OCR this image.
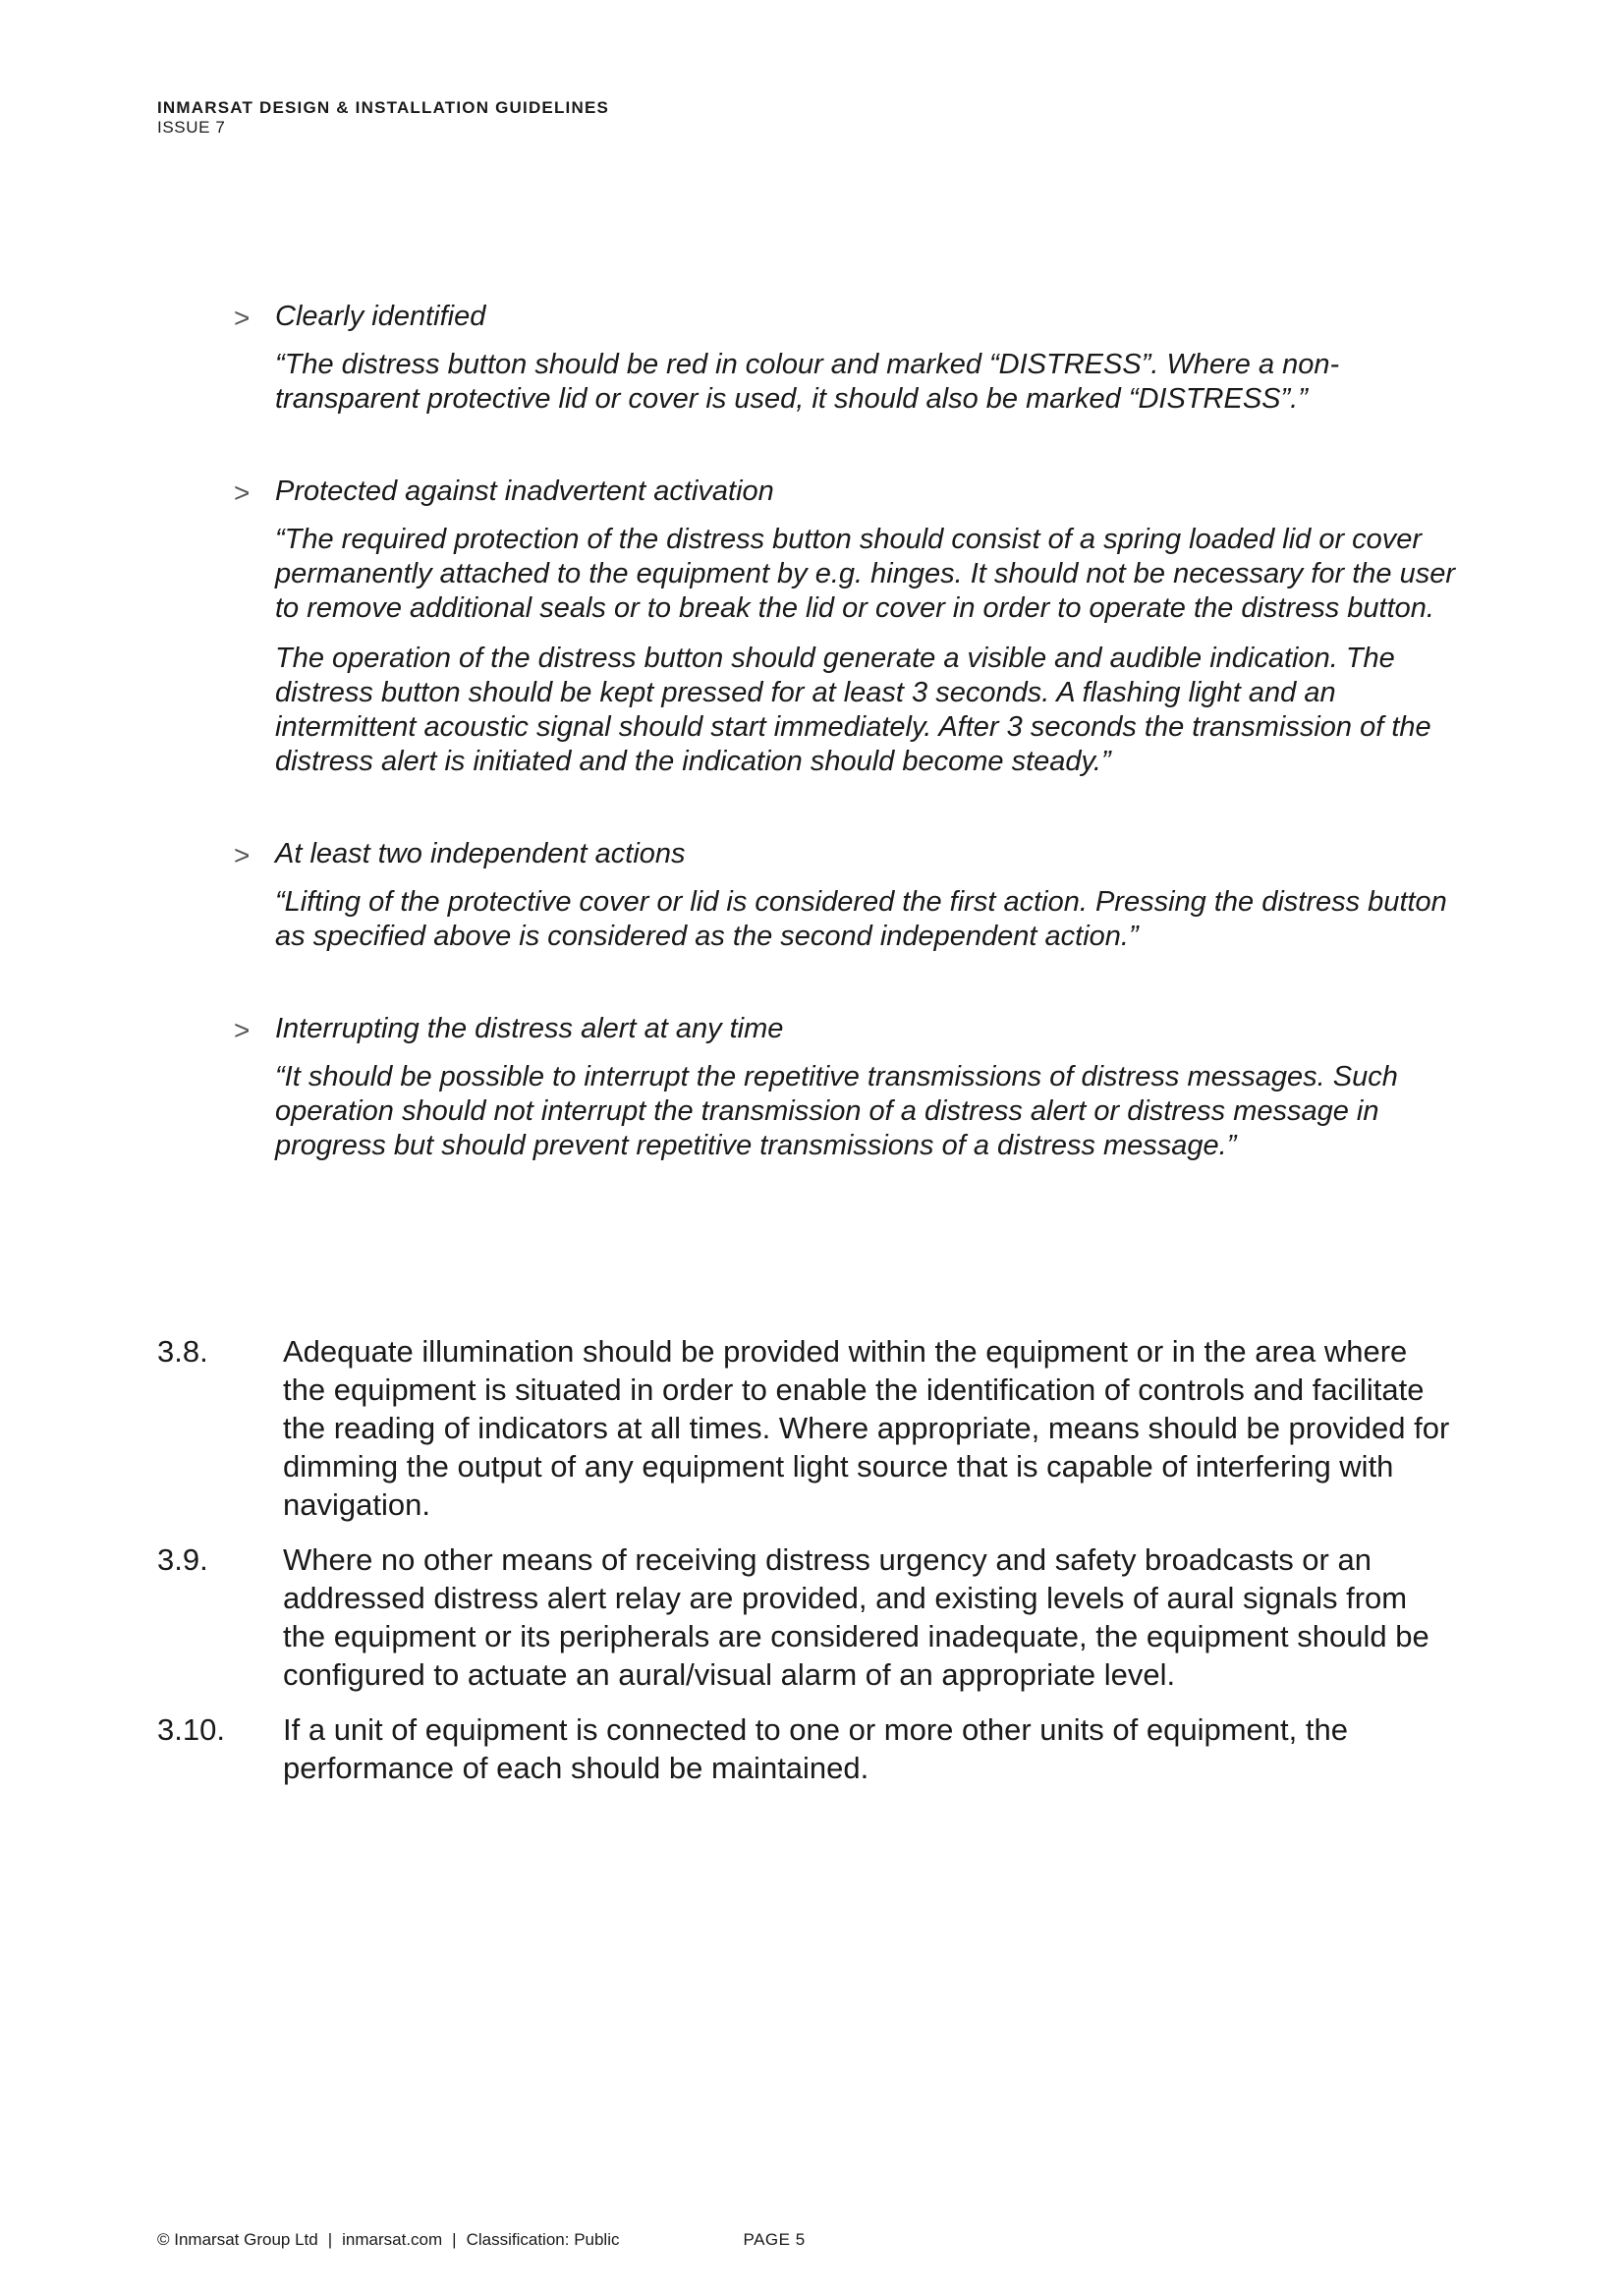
INMARSAT DESIGN & INSTALLATION GUIDELINES
ISSUE 7
> Clearly identified

“The distress button should be red in colour and marked “DISTRESS”. Where a non-transparent protective lid or cover is used, it should also be marked “DISTRESS”.”

> Protected against inadvertent activation

“The required protection of the distress button should consist of a spring loaded lid or cover permanently attached to the equipment by e.g. hinges. It should not be necessary for the user to remove additional seals or to break the lid or cover in order to operate the distress button.

The operation of the distress button should generate a visible and audible indication. The distress button should be kept pressed for at least 3 seconds. A flashing light and an intermittent acoustic signal should start immediately. After 3 seconds the transmission of the distress alert is initiated and the indication should become steady.”

> At least two independent actions

“Lifting of the protective cover or lid is considered the first action. Pressing the distress button as specified above is considered as the second independent action.”

> Interrupting the distress alert at any time

“It should be possible to interrupt the repetitive transmissions of distress messages. Such operation should not interrupt the transmission of a distress alert or distress message in progress but should prevent repetitive transmissions of a distress message.”

3.8.	Adequate illumination should be provided within the equipment or in the area where the equipment is situated in order to enable the identification of controls and facilitate the reading of indicators at all times. Where appropriate, means should be provided for dimming the output of any equipment light source that is capable of interfering with navigation.
3.9.	Where no other means of receiving distress urgency and safety broadcasts or an addressed distress alert relay are provided, and existing levels of aural signals from the equipment or its peripherals are considered inadequate, the equipment should be configured to actuate an aural/visual alarm of an appropriate level.
3.10.	If a unit of equipment is connected to one or more other units of equipment, the performance of each should be maintained.
© Inmarsat Group Ltd | inmarsat.com | Classification: Public	PAGE 5
